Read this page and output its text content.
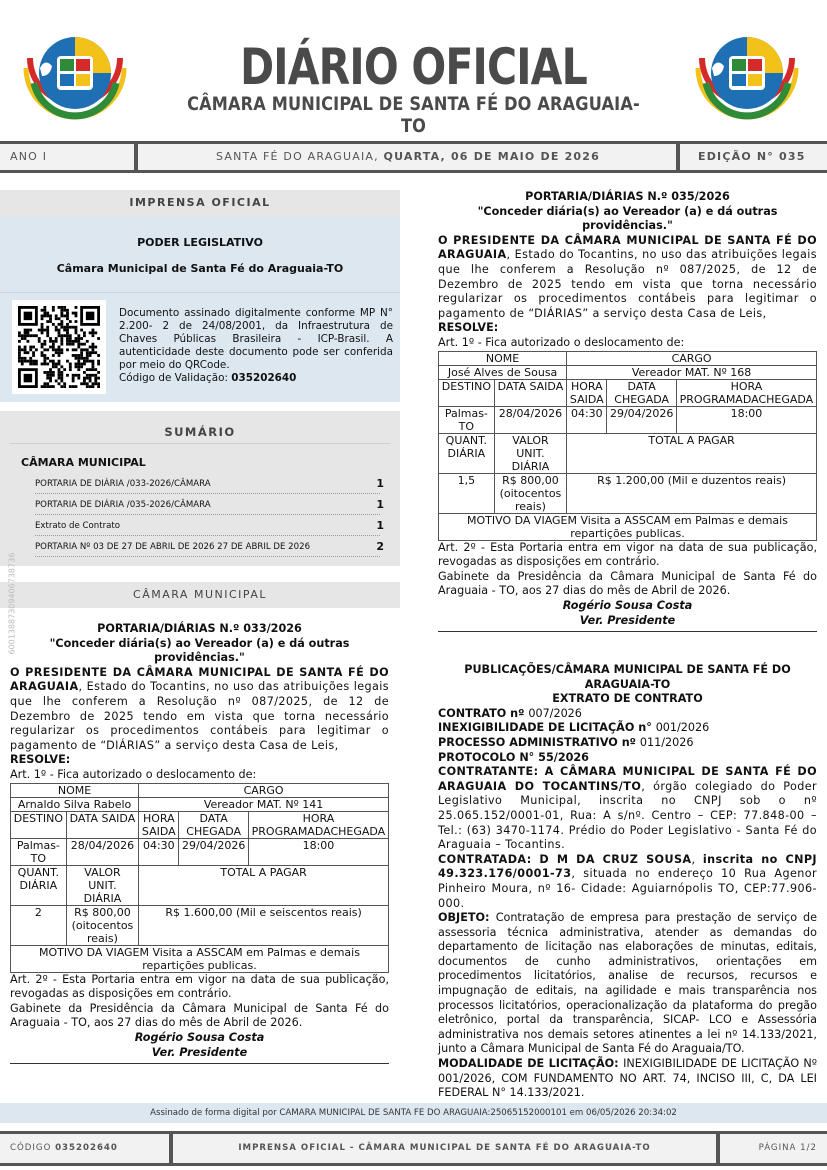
DIÁRIO OFICIAL
CÂMARA MUNICIPAL DE SANTA FÉ DO ARAGUAIA-TO
ANO I	SANTA FÉ DO ARAGUAIA, QUARTA, 06 DE MAIO DE 2026	EDIÇÃO N° 035
IMPRENSA OFICIAL
PODER LEGISLATIVO
Câmara Municipal de Santa Fé do Araguaia-TO
Documento assinado digitalmente conforme MP N° 2.200- 2 de 24/08/2001, da Infraestrutura de Chaves Públicas Brasileira - ICP-Brasil. A autenticidade deste documento pode ser conferida por meio do QRCode.
Código de Validação: 035202640
SUMÁRIO
CÂMARA MUNICIPAL
PORTARIA DE DIÁRIA /033-2026/CÂMARA	1
PORTARIA DE DIÁRIA /035-2026/CÂMARA	1
Extrato de Contrato	1
PORTARIA Nº 03 DE 27 DE ABRIL DE 2026 27 DE ABRIL DE 2026	2
CÂMARA MUNICIPAL
60013887309406738736	PORTARIA/DIÁRIAS N.º 033/2026
"Conceder diária(s) ao Vereador (a) e dá outras providências."

O PRESIDENTE DA CÂMARA MUNICIPAL DE SANTA FÉ DO ARAGUAIA, Estado do Tocantins, no uso das atribuições legais que lhe conferem a Resolução nº 087/2025, de 12 de Dezembro de 2025 tendo em vista que torna necessário regularizar os procedimentos contábeis para legitimar o pagamento de “DIÁRIAS” a serviço desta Casa de Leis,

RESOLVE:
Art. 1º - Fica autorizado o deslocamento de:
NOME		CARGO		
Arnaldo Silva Rabelo		Vereador MAT. Nº 141		
DESTINO	DATA SAIDA	HORA SAIDA	DATA CHEGADA	HORA PROGRAMADACHEGADA
Palmas-TO	28/04/2026	04:30	29/04/2026	18:00
QUANT. DIÁRIA	VALOR UNIT. DIÁRIA	TOTAL A PAGAR		
2	R$ 800,00 (oitocentos reais)	R$ 1.600,00 (Mil e seiscentos reais)		
MOTIVO DA VIAGEM Visita a ASSCAM em Palmas e demais repartições publicas.				

Art. 2º - Esta Portaria entra em vigor na data de sua publicação, revogadas as disposições em contrário.

Gabinete da Presidência da Câmara Municipal de Santa Fé do Araguaia - TO, aos 27 dias do mês de Abril de 2026.

Rogério Sousa Costa
Ver. Presidente
PORTARIA/DIÁRIAS N.º 035/2026
"Conceder diária(s) ao Vereador (a) e dá outras providências."

O PRESIDENTE DA CÂMARA MUNICIPAL DE SANTA FÉ DO ARAGUAIA, Estado do Tocantins, no uso das atribuições legais que lhe conferem a Resolução nº 087/2025, de 12 de Dezembro de 2025 tendo em vista que torna necessário regularizar os procedimentos contábeis para legitimar o pagamento de “DIÁRIAS” a serviço desta Casa de Leis,

RESOLVE:
Art. 1º - Fica autorizado o deslocamento de:
NOME		CARGO		
José Alves de Sousa		Vereador MAT. Nº 168		
DESTINO	DATA SAIDA	HORA SAIDA	DATA CHEGADA	HORA PROGRAMADACHEGADA
Palmas-TO	28/04/2026	04:30	29/04/2026	18:00
QUANT. DIÁRIA	VALOR UNIT. DIÁRIA	TOTAL A PAGAR		
1,5	R$ 800,00 (oitocentos reais)	R$ 1.200,00 (Mil e duzentos reais)		
MOTIVO DA VIAGEM Visita a ASSCAM em Palmas e demais repartições publicas.				

Art. 2º - Esta Portaria entra em vigor na data de sua publicação, revogadas as disposições em contrário.

Gabinete da Presidência da Câmara Municipal de Santa Fé do Araguaia - TO, aos 27 dias do mês de Abril de 2026.

Rogério Sousa Costa
Ver. Presidente
PUBLICAÇÕES/CÂMARA MUNICIPAL DE SANTA FÉ DO ARAGUAIA-TO
EXTRATO DE CONTRATO
CONTRATO nº 007/2026
INEXIGIBILIDADE DE LICITAÇÃO n° 001/2026
PROCESSO ADMINISTRATIVO nº 011/2026
PROTOCOLO N° 55/2026

CONTRATANTE: A CÂMARA MUNICIPAL DE SANTA FÉ DO ARAGUAIA DO TOCANTINS/TO, órgão colegiado do Poder Legislativo Municipal, inscrita no CNPJ sob o nº 25.065.152/0001-01, Rua: A s/nº. Centro – CEP: 77.848-00 – Tel.: (63) 3470-1174. Prédio do Poder Legislativo - Santa Fé do Araguaia – Tocantins.

CONTRATADA: D M DA CRUZ SOUSA, inscrita no CNPJ 49.323.176/0001-73, situada no endereço 10 Rua Agenor Pinheiro Moura, nº 16- Cidade: Aguiarnópolis TO, CEP:77.906-000.

OBJETO: Contratação de empresa para prestação de serviço de assessoria técnica administrativa, atender as demandas do departamento de licitação nas elaborações de minutas, editais, documentos de cunho administrativos, orientações em procedimentos licitatórios, analise de recursos, recursos e impugnação de editais, na agilidade e mais transparência nos processos licitatórios, operacionalização da plataforma do pregão eletrônico, portal da transparência, SICAP- LCO e Assessória administrativa nos demais setores atinentes a lei nº 14.133/2021, junto a Câmara Municipal de Santa Fé do Araguaia/TO.

MODALIDADE DE LICITAÇÃO: INEXIGIBILIDADE DE LICITAÇÃO Nº 001/2026, COM FUNDAMENTO NO ART. 74, INCISO III, C, DA LEI FEDERAL N° 14.133/2021.

Assinado de forma digital por CAMARA MUNICIPAL DE SANTA FE DO ARAGUAIA:25065152000101 em 06/05/2026 20:34:02
CÓDIGO 035202640	IMPRENSA OFICIAL - CÂMARA MUNICIPAL DE SANTA FÉ DO ARAGUAIA-TO	PÁGINA 1/2
